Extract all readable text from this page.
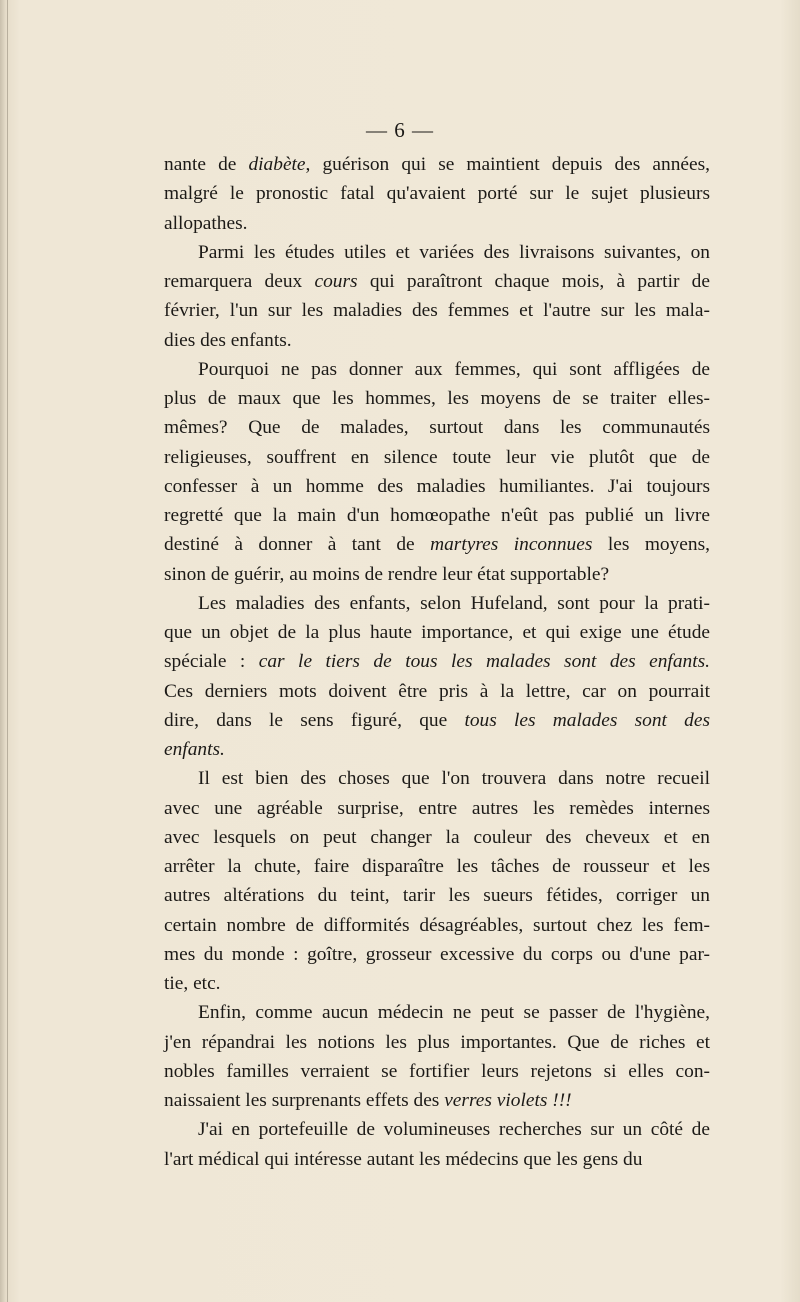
— 6 —
nante de diabète, guérison qui se maintient depuis des années,
malgré le pronostic fatal qu'avaient porté sur le sujet plusieurs
allopathes.
Parmi les études utiles et variées des livraisons suivantes, on
remarquera deux cours qui paraîtront chaque mois, à partir de
février, l'un sur les maladies des femmes et l'autre sur les mala-
dies des enfants.
Pourquoi ne pas donner aux femmes, qui sont affligées de
plus de maux que les hommes, les moyens de se traiter elles-
mêmes? Que de malades, surtout dans les communautés
religieuses, souffrent en silence toute leur vie plutôt que de
confesser à un homme des maladies humiliantes. J'ai toujours
regretté que la main d'un homœopathe n'eût pas publié un livre
destiné à donner à tant de martyres inconnues les moyens,
sinon de guérir, au moins de rendre leur état supportable?
Les maladies des enfants, selon Hufeland, sont pour la prati-
que un objet de la plus haute importance, et qui exige une étude
spéciale : car le tiers de tous les malades sont des enfants.
Ces derniers mots doivent être pris à la lettre, car on pourrait
dire, dans le sens figuré, que tous les malades sont des
enfants.
Il est bien des choses que l'on trouvera dans notre recueil
avec une agréable surprise, entre autres les remèdes internes
avec lesquels on peut changer la couleur des cheveux et en
arrêter la chute, faire disparaître les tâches de rousseur et les
autres altérations du teint, tarir les sueurs fétides, corriger un
certain nombre de difformités désagréables, surtout chez les fem-
mes du monde : goître, grosseur excessive du corps ou d'une par-
tie, etc.
Enfin, comme aucun médecin ne peut se passer de l'hygiène,
j'en répandrai les notions les plus importantes. Que de riches et
nobles familles verraient se fortifier leurs rejetons si elles con-
naissaient les surprenants effets des verres violets !!!
J'ai en portefeuille de volumineuses recherches sur un côté de
l'art médical qui intéresse autant les médecins que les gens du
